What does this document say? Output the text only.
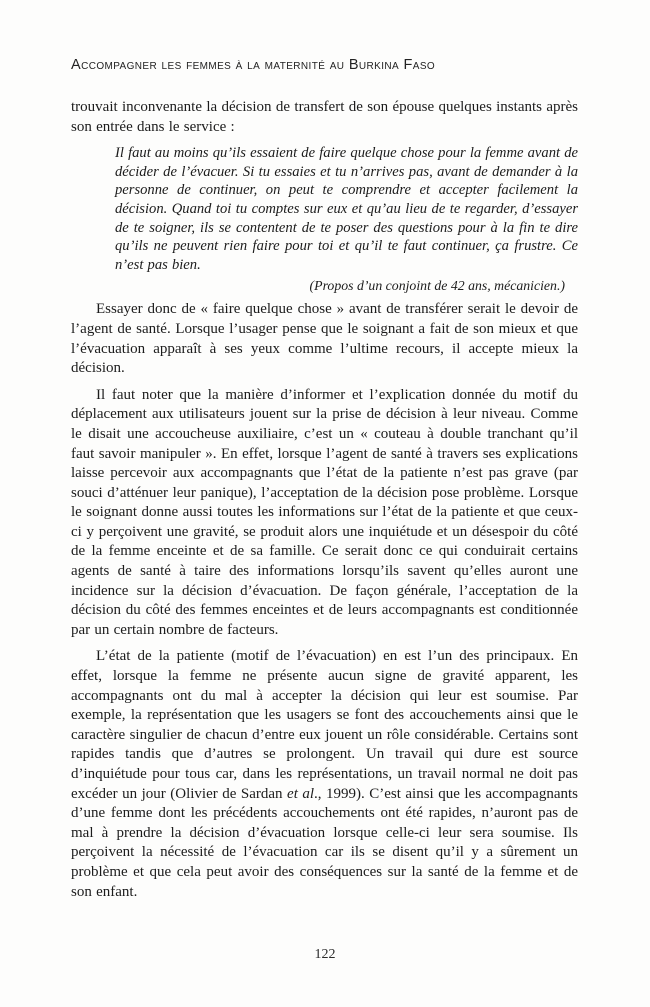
Accompagner les femmes à la maternité au Burkina Faso

trouvait inconvenante la décision de transfert de son épouse quelques instants après son entrée dans le service :

Il faut au moins qu’ils essaient de faire quelque chose pour la femme avant de décider de l’évacuer. Si tu essaies et tu n’arrives pas, avant de demander à la personne de continuer, on peut te comprendre et accepter facilement la décision. Quand toi tu comptes sur eux et qu’au lieu de te regarder, d’essayer de te soigner, ils se contentent de te poser des questions pour à la fin te dire qu’ils ne peuvent rien faire pour toi et qu’il te faut continuer, ça frustre. Ce n’est pas bien.
(Propos d’un conjoint de 42 ans, mécanicien.)

Essayer donc de « faire quelque chose » avant de transférer serait le devoir de l’agent de santé. Lorsque l’usager pense que le soignant a fait de son mieux et que l’évacuation apparaît à ses yeux comme l’ultime recours, il accepte mieux la décision.

Il faut noter que la manière d’informer et l’explication donnée du motif du déplacement aux utilisateurs jouent sur la prise de décision à leur niveau. Comme le disait une accoucheuse auxiliaire, c’est un « couteau à double tranchant qu’il faut savoir manipuler ». En effet, lorsque l’agent de santé à travers ses explications laisse percevoir aux accompagnants que l’état de la patiente n’est pas grave (par souci d’atténuer leur panique), l’acceptation de la décision pose problème. Lorsque le soignant donne aussi toutes les informations sur l’état de la patiente et que ceux-ci y perçoivent une gravité, se produit alors une inquiétude et un désespoir du côté de la femme enceinte et de sa famille. Ce serait donc ce qui conduirait certains agents de santé à taire des informations lorsqu’ils savent qu’elles auront une incidence sur la décision d’évacuation. De façon générale, l’acceptation de la décision du côté des femmes enceintes et de leurs accompagnants est conditionnée par un certain nombre de facteurs.

L’état de la patiente (motif de l’évacuation) en est l’un des principaux. En effet, lorsque la femme ne présente aucun signe de gravité apparent, les accompagnants ont du mal à accepter la décision qui leur est soumise. Par exemple, la représentation que les usagers se font des accouchements ainsi que le caractère singulier de chacun d’entre eux jouent un rôle considérable. Certains sont rapides tandis que d’autres se prolongent. Un travail qui dure est source d’inquiétude pour tous car, dans les représentations, un travail normal ne doit pas excéder un jour (Olivier de Sardan et al., 1999). C’est ainsi que les accompagnants d’une femme dont les précédents accouchements ont été rapides, n’auront pas de mal à prendre la décision d’évacuation lorsque celle-ci leur sera soumise. Ils perçoivent la nécessité de l’évacuation car ils se disent qu’il y a sûrement un problème et que cela peut avoir des conséquences sur la santé de la femme et de son enfant.

122
